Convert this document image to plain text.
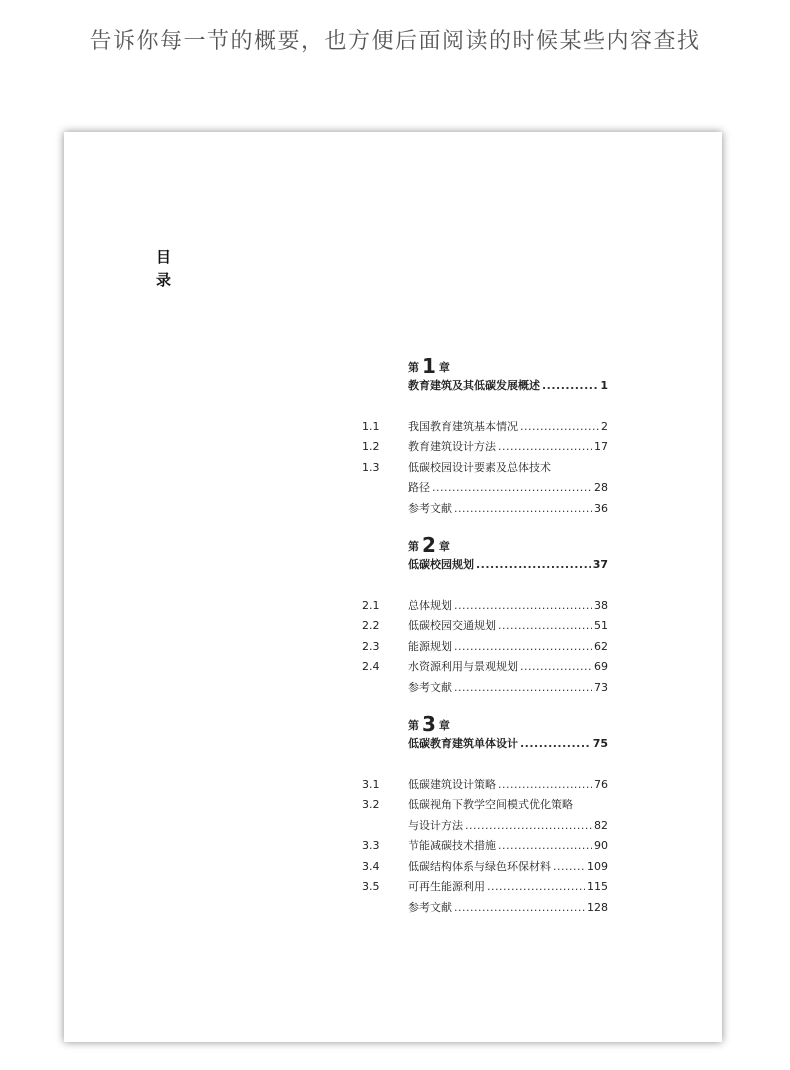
告诉你每一节的概要，也方便后面阅读的时候某些内容查找
目
录
第 1 章
教育建筑及其低碳发展概述 .....	1
1.1	我国教育建筑基本情况 .....	2
1.2	教育建筑设计方法 .....	17
1.3	低碳校园设计要素及总体技术
路径 .....	28
参考文献 .....	36
第 2 章
低碳校园规划 .....	37
2.1	总体规划 .....	38
2.2	低碳校园交通规划 .....	51
2.3	能源规划 .....	62
2.4	水资源利用与景观规划 .....	69
参考文献 .....	73
第 3 章
低碳教育建筑单体设计 .....	75
3.1	低碳建筑设计策略 .....	76
3.2	低碳视角下教学空间模式优化策略
与设计方法 .....	82
3.3	节能减碳技术措施 .....	90
3.4	低碳结构体系与绿色环保材料 .....	109
3.5	可再生能源利用 .....	115
参考文献 .....	128
